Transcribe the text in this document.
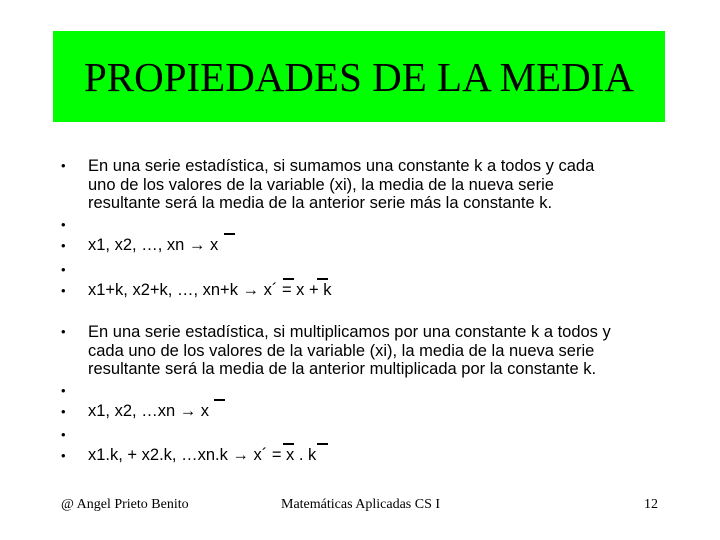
PROPIEDADES DE LA MEDIA
• En una serie estadística, si sumamos una constante k a todos y cada
uno de los valores de la variable (xi), la media de la nueva serie
resultante será la media de la anterior serie más la constante k.
•
• x1, x2, …, xn → x
•
• x1+k, x2+k, …, xn+k → x´ = x + k
• En una serie estadística, si multiplicamos por una constante k a todos y
cada uno de los valores de la variable (xi), la media de la nueva serie
resultante será la media de la anterior multiplicada por la constante k.
•
• x1, x2, …xn → x
•
• x1.k, + x2.k, …xn.k → x´ = x . k
@ Angel Prieto Benito	Matemáticas Aplicadas CS I	12
